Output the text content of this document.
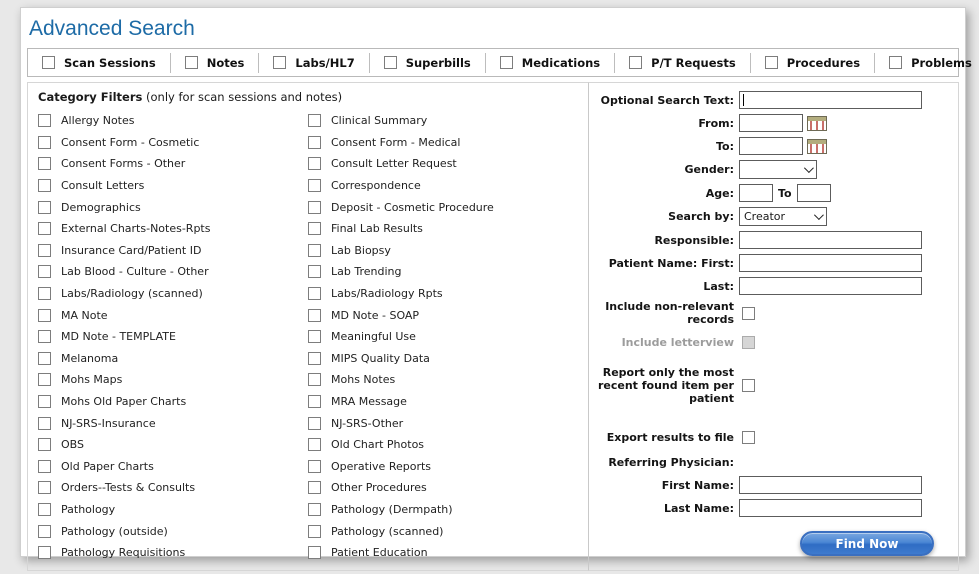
Advanced Search
Scan Sessions	Notes	Labs/HL7	Superbills	Medications	P/T Requests	Procedures	Problems
Category Filters (only for scan sessions and notes)
Allergy Notes
Consent Form - Cosmetic
Consent Forms - Other
Consult Letters
Demographics
External Charts-Notes-Rpts
Insurance Card/Patient ID
Lab Blood - Culture - Other
Labs/Radiology (scanned)
MA Note
MD Note - TEMPLATE
Melanoma
Mohs Maps
Mohs Old Paper Charts
NJ-SRS-Insurance
OBS
Old Paper Charts
Orders--Tests & Consults
Pathology
Pathology (outside)
Pathology Requisitions
Clinical Summary
Consent Form - Medical
Consult Letter Request
Correspondence
Deposit - Cosmetic Procedure
Final Lab Results
Lab Biopsy
Lab Trending
Labs/Radiology Rpts
MD Note - SOAP
Meaningful Use
MIPS Quality Data
Mohs Notes
MRA Message
NJ-SRS-Other
Old Chart Photos
Operative Reports
Other Procedures
Pathology (Dermpath)
Pathology (scanned)
Patient Education
Optional Search Text:
From:
To:
Gender:
Age:	To
Search by: Creator
Responsible:
Patient Name: First:
Last:
Include non-relevant records
Include letterview
Report only the most recent found item per patient
Export results to file
Referring Physician:
First Name:
Last Name:
Find Now
